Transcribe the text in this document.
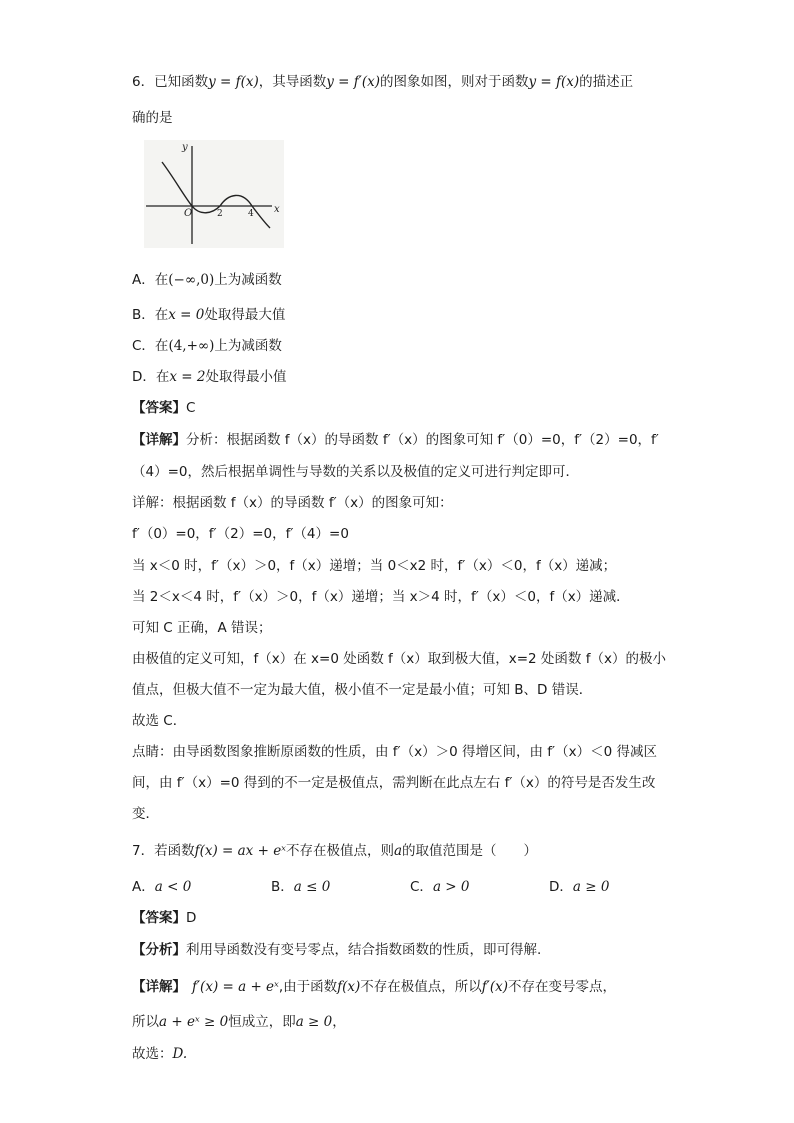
6．已知函数y = f(x)，其导函数y = f′(x)的图象如图，则对于函数y = f(x)的描述正
确的是
y
x
O	2	4
A．在(−∞,0)上为减函数
B．在x = 0处取得最大值
C．在(4,+∞)上为减函数
D．在x = 2处取得最小值
【答案】C
【详解】分析：根据函数 f（x）的导函数 f′（x）的图象可知 f′（0）=0，f′（2）=0，f′
（4）=0，然后根据单调性与导数的关系以及极值的定义可进行判定即可．
详解：根据函数 f（x）的导函数 f′（x）的图象可知：
f′（0）=0，f′（2）=0，f′（4）=0
当 x＜0 时，f′（x）＞0，f（x）递增；当 0＜x2 时，f′（x）＜0，f（x）递减；
当 2＜x＜4 时，f′（x）＞0，f（x）递增；当 x＞4 时，f′（x）＜0，f（x）递减．
可知 C 正确，A 错误；
由极值的定义可知，f（x）在 x=0 处函数 f（x）取到极大值，x=2 处函数 f（x）的极小
值点，但极大值不一定为最大值，极小值不一定是最小值；可知 B、D 错误．
故选 C．
点睛：由导函数图象推断原函数的性质，由 f′（x）＞0 得增区间，由 f′（x）＜0 得减区
间，由 f′（x）=0 得到的不一定是极值点，需判断在此点左右 f′（x）的符号是否发生改
变．
7．若函数f(x) = ax + eˣ不存在极值点，则a的取值范围是（　　）
A．a < 0	B．a ≤ 0	C．a > 0	D．a ≥ 0
【答案】D
【分析】利用导函数没有变号零点，结合指数函数的性质，即可得解.
【详解】 f′(x) = a + eˣ,由于函数f(x)不存在极值点，所以f′(x)不存在变号零点，
所以a + eˣ ≥ 0恒成立，即a ≥ 0，
故选：D.
